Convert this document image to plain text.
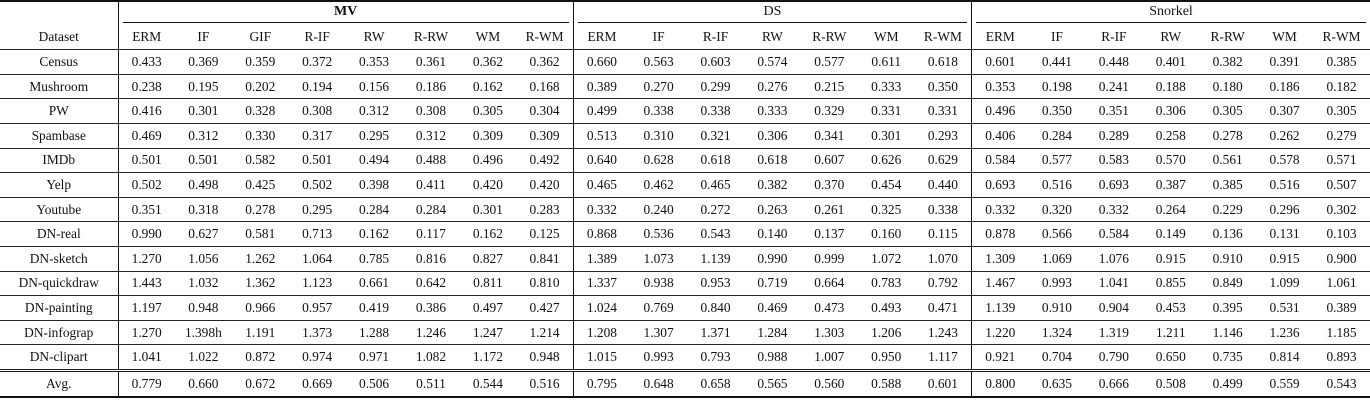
	MV								DS							Snorkel						

Dataset	ERM	IF	GIF	R-IF	RW	R-RW	WM	R-WM	ERM	IF	R-IF	RW	R-RW	WM	R-WM	ERM	IF	R-IF	RW	R-RW	WM	R-WM
Census	0.433	0.369	0.359	0.372	0.353	0.361	0.362	0.362	0.660	0.563	0.603	0.574	0.577	0.611	0.618	0.601	0.441	0.448	0.401	0.382	0.391	0.385
Mushroom	0.238	0.195	0.202	0.194	0.156	0.186	0.162	0.168	0.389	0.270	0.299	0.276	0.215	0.333	0.350	0.353	0.198	0.241	0.188	0.180	0.186	0.182
PW	0.416	0.301	0.328	0.308	0.312	0.308	0.305	0.304	0.499	0.338	0.338	0.333	0.329	0.331	0.331	0.496	0.350	0.351	0.306	0.305	0.307	0.305
Spambase	0.469	0.312	0.330	0.317	0.295	0.312	0.309	0.309	0.513	0.310	0.321	0.306	0.341	0.301	0.293	0.406	0.284	0.289	0.258	0.278	0.262	0.279
IMDb	0.501	0.501	0.582	0.501	0.494	0.488	0.496	0.492	0.640	0.628	0.618	0.618	0.607	0.626	0.629	0.584	0.577	0.583	0.570	0.561	0.578	0.571
Yelp	0.502	0.498	0.425	0.502	0.398	0.411	0.420	0.420	0.465	0.462	0.465	0.382	0.370	0.454	0.440	0.693	0.516	0.693	0.387	0.385	0.516	0.507
Youtube	0.351	0.318	0.278	0.295	0.284	0.284	0.301	0.283	0.332	0.240	0.272	0.263	0.261	0.325	0.338	0.332	0.320	0.332	0.264	0.229	0.296	0.302
DN-real	0.990	0.627	0.581	0.713	0.162	0.117	0.162	0.125	0.868	0.536	0.543	0.140	0.137	0.160	0.115	0.878	0.566	0.584	0.149	0.136	0.131	0.103
DN-sketch	1.270	1.056	1.262	1.064	0.785	0.816	0.827	0.841	1.389	1.073	1.139	0.990	0.999	1.072	1.070	1.309	1.069	1.076	0.915	0.910	0.915	0.900
DN-quickdraw	1.443	1.032	1.362	1.123	0.661	0.642	0.811	0.810	1.337	0.938	0.953	0.719	0.664	0.783	0.792	1.467	0.993	1.041	0.855	0.849	1.099	1.061
DN-painting	1.197	0.948	0.966	0.957	0.419	0.386	0.497	0.427	1.024	0.769	0.840	0.469	0.473	0.493	0.471	1.139	0.910	0.904	0.453	0.395	0.531	0.389
DN-infograp	1.270	1.398h	1.191	1.373	1.288	1.246	1.247	1.214	1.208	1.307	1.371	1.284	1.303	1.206	1.243	1.220	1.324	1.319	1.211	1.146	1.236	1.185
DN-clipart	1.041	1.022	0.872	0.974	0.971	1.082	1.172	0.948	1.015	0.993	0.793	0.988	1.007	0.950	1.117	0.921	0.704	0.790	0.650	0.735	0.814	0.893
Avg.	0.779	0.660	0.672	0.669	0.506	0.511	0.544	0.516	0.795	0.648	0.658	0.565	0.560	0.588	0.601	0.800	0.635	0.666	0.508	0.499	0.559	0.543
